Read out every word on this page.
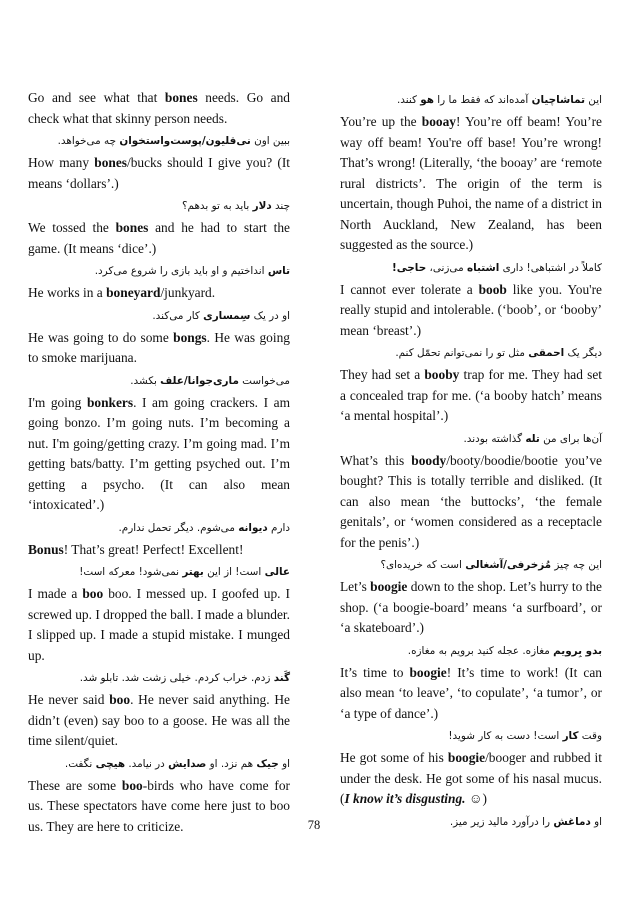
Go and see what that bones needs. Go and check what that skinny person needs.

ببین اون نی‌قلیون/پوست‌واستخوان چه می‌خواهد.

How many bones/bucks should I give you? (It means ‘dollars’.)

چند دلار باید به تو بدهم؟

We tossed the bones and he had to start the game. (It means ‘dice’.)

تاس انداختیم و او باید بازی را شروع می‌کرد.

He works in a boneyard/junkyard.

او در یک سِمساری کار می‌کند.

He was going to do some bongs. He was going to smoke marijuana.

می‌خواست ماری‌جوانا/علف بکشد.

I'm going bonkers. I am going crackers. I am going bonzo. I’m going nuts. I’m becoming a nut. I'm going/getting crazy. I’m going mad. I’m getting bats/batty. I’m getting psyched out. I’m getting a psycho. (It can also mean ‘intoxicated’.)

دارم دیوانه می‌شوم. دیگر تحمل ندارم.

Bonus! That’s great! Perfect! Excellent!

عالی است! از این بهتر نمی‌شود! معرکه است!

I made a boo boo. I messed up. I goofed up. I screwed up. I dropped the ball. I made a blunder. I slipped up. I made a stupid mistake. I munged up.

گَند زدم. خراب کردم. خیلی زشت شد. تابلو شد.

He never said boo. He never said anything. He didn’t (even) say boo to a goose. He was all the time silent/quiet.

او جیک هم نزد. او صدایش در نیامد. هیچی نگفت.

These are some boo-birds who have come for us. These spectators have come here just to boo us. They are here to criticize.

این تماشاچیان آمده‌اند که فقط ما را هو کنند.

You’re up the booay! You’re off beam! You’re way off beam! You're off base! You’re wrong! That’s wrong! (Literally, ‘the booay’ are ‘remote rural districts’. The origin of the term is uncertain, though Puhoi, the name of a district in North Auckland, New Zealand, has been suggested as the source.)

کاملاً در اشتباهی! داری اشتباه می‌زنی، حاجی!

I cannot ever tolerate a boob like you. You're really stupid and intolerable. (‘boob’, or ‘booby’ mean ‘breast’.)

دیگر یک احمقی مثل تو را نمی‌توانم تحمّل کنم.

They had set a booby trap for me. They had set a concealed trap for me. (‘a booby hatch’ means ‘a mental hospital’.)

آن‌ها برای من تله گذاشته بودند.

What’s this boody/booty/boodie/bootie you’ve bought? This is totally terrible and disliked. (It can also mean ‘the buttocks’, ‘the female genitals’, or ‘women considered as a receptacle for the penis’.)

این چه چیز مُزخرفی/آشغالی است که خریده‌ای؟

Let’s boogie down to the shop. Let’s hurry to the shop. (‘a boogie-board’ means ‘a surfboard’, or ‘a skateboard’.)

بدو بِرویم مغازه. عجله کنید برویم به مغازه.

It’s time to boogie! It’s time to work! (It can also mean ‘to leave’, ‘to copulate’, ‘a tumor’, or ‘a type of dance’.)

وقت کار است! دست به کار شوید!

He got some of his boogie/booger and rubbed it under the desk. He got some of his nasal mucus. (I know it’s disgusting. ☺)

او دماغش را درآورد مالید زیر میز.

78
